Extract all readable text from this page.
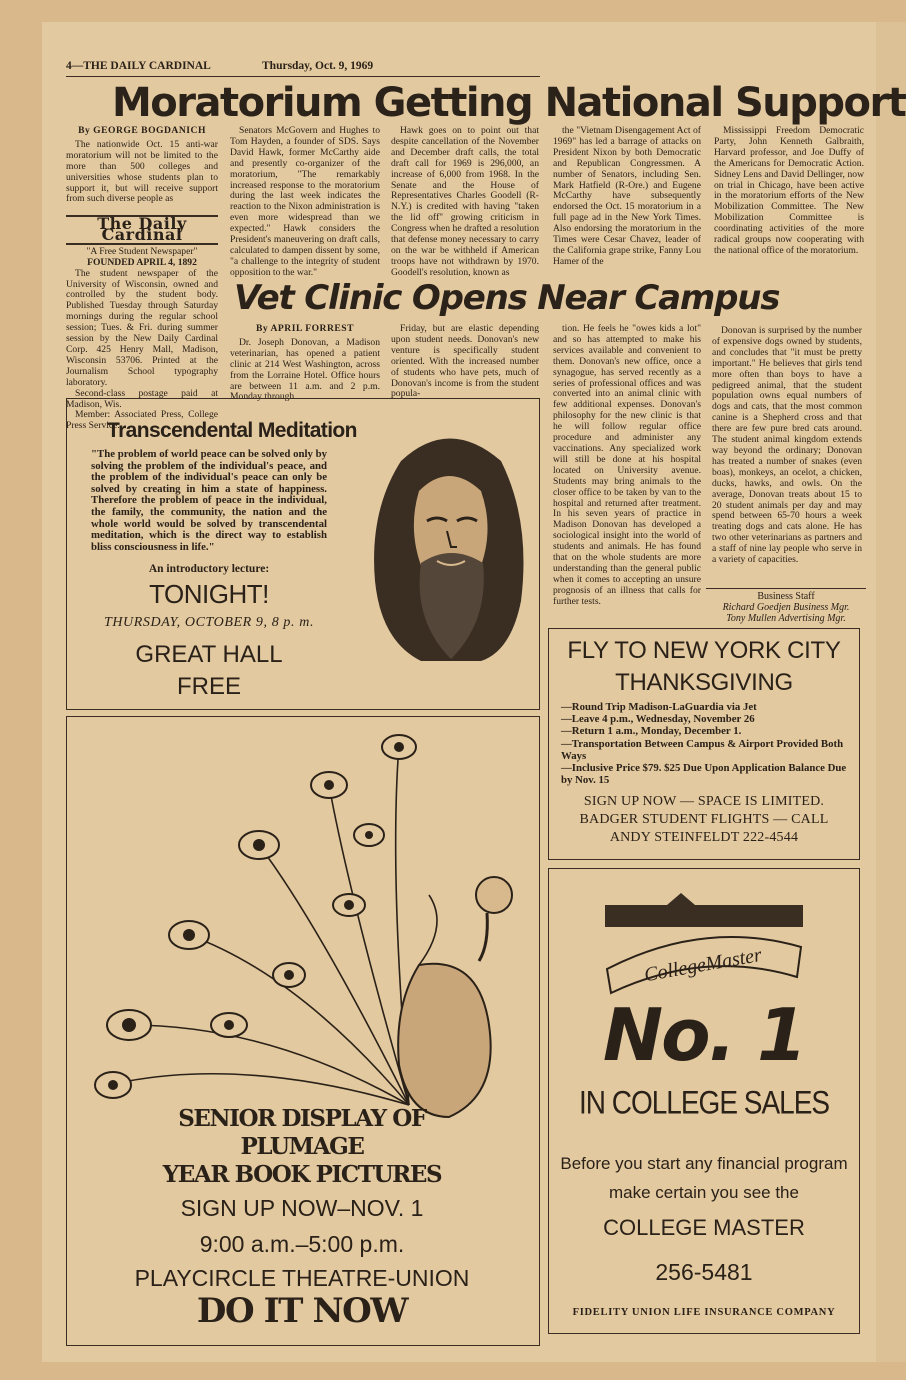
4—THE DAILY CARDINAL	Thursday, Oct. 9, 1969
Moratorium Getting National Support
By GEORGE BOGDANICH

The nationwide Oct. 15 anti-war moratorium will not be limited to the more than 500 colleges and universities whose students plan to support it, but will receive support from such diverse people as

The Daily Cardinal
"A Free Student Newspaper"
FOUNDED APRIL 4, 1892

The student newspaper of the University of Wisconsin, owned and controlled by the student body. Published Tuesday through Saturday mornings during the regular school session; Tues. & Fri. during summer session by the New Daily Cardinal Corp. 425 Henry Mall, Madison, Wisconsin 53706. Printed at the Journalism School typography laboratory.

Second-class postage paid at Madison, Wis.

Member: Associated Press, College Press Service.

Senators McGovern and Hughes to Tom Hayden, a founder of SDS. Says David Hawk, former McCarthy aide and presently co-organizer of the moratorium, "The remarkably increased response to the moratorium during the last week indicates the reaction to the Nixon administration is even more widespread than we expected." Hawk considers the President's maneuvering on draft calls, calculated to dampen dissent by some, "a challenge to the integrity of student opposition to the war."

Hawk goes on to point out that despite cancellation of the November and December draft calls, the total draft call for 1969 is 296,000, an increase of 6,000 from 1968. In the Senate and the House of Representatives Charles Goodell (R-N.Y.) is credited with having "taken the lid off" growing criticism in Congress when he drafted a resolution that defense money necessary to carry on the war be withheld if American troops have not withdrawn by 1970. Goodell's resolution, known as

the "Vietnam Disengagement Act of 1969" has led a barrage of attacks on President Nixon by both Democratic and Republican Congressmen. A number of Senators, including Sen. Mark Hatfield (R-Ore.) and Eugene McCarthy have subsequently endorsed the Oct. 15 moratorium in a full page ad in the New York Times. Also endorsing the moratorium in the Times were Cesar Chavez, leader of the California grape strike, Fanny Lou Hamer of the

Mississippi Freedom Democratic Party, John Kenneth Galbraith, Harvard professor, and Joe Duffy of the Americans for Democratic Action. Sidney Lens and David Dellinger, now on trial in Chicago, have been active in the moratorium efforts of the New Mobilization Committee. The New Mobilization Committee is coordinating activities of the more radical groups now cooperating with the national office of the moratorium.

Vet Clinic Opens Near Campus
By APRIL FORREST

Dr. Joseph Donovan, a Madison veterinarian, has opened a patient clinic at 214 West Washington, across from the Lorraine Hotel. Office hours are between 11 a.m. and 2 p.m. Monday through

Friday, but are elastic depending upon student needs. Donovan's new venture is specifically student oriented. With the increased number of students who have pets, much of Donovan's income is from the student popula-

tion. He feels he "owes kids a lot" and so has attempted to make his services available and convenient to them. Donovan's new office, once a synagogue, has served recently as a series of professional offices and was converted into an animal clinic with few additional expenses. Donovan's philosophy for the new clinic is that he will follow regular office procedure and administer any vaccinations. Any specialized work will still be done at his hospital located on University avenue. Students may bring animals to the closer office to be taken by van to the hospital and returned after treatment. In his seven years of practice in Madison Donovan has developed a sociological insight into the world of students and animals. He has found that on the whole students are more understanding than the general public when it comes to accepting an unsure prognosis of an illness that calls for further tests.

Donovan is surprised by the number of expensive dogs owned by students, and concludes that "it must be pretty important." He believes that girls tend more often than boys to have a pedigreed animal, that the student population owns equal numbers of dogs and cats, that the most common canine is a Shepherd cross and that there are few pure bred cats around. The student animal kingdom extends way beyond the ordinary; Donovan has treated a number of snakes (even boas), monkeys, an ocelot, a chicken, ducks, hawks, and owls. On the average, Donovan treats about 15 to 20 student animals per day and may spend between 65-70 hours a week treating dogs and cats alone. He has two other veterinarians as partners and a staff of nine lay people who serve in a variety of capacities.

Business Staff
Richard Goedjen Business Mgr.
Tony Mullen Advertising Mgr.
Transcendental Meditation
"The problem of world peace can be solved only by solving the problem of the individual's peace, and the problem of the individual's peace can only be solved by creating in him a state of happiness. Therefore the problem of peace in the individual, the family, the community, the nation and the whole world would be solved by transcendental meditation, which is the direct way to establish bliss consciousness in life."
An introductory lecture:
TONIGHT!
THURSDAY, OCTOBER 9, 8 p. m.
GREAT HALL
FREE
SENIOR DISPLAY OF
PLUMAGE
YEAR BOOK PICTURES
SIGN UP NOW–NOV. 1
9:00 a.m.–5:00 p.m.
PLAYCIRCLE THEATRE-UNION
DO IT NOW
FLY TO NEW YORK CITY
THANKSGIVING
—Round Trip Madison-LaGuardia via Jet
—Leave 4 p.m., Wednesday, November 26
—Return 1 a.m., Monday, December 1.
—Transportation Between Campus & Airport Provided Both Ways
—Inclusive Price $79. $25 Due Upon Application Balance Due by Nov. 15
SIGN UP NOW — SPACE IS LIMITED.
BADGER STUDENT FLIGHTS — CALL
ANDY STEINFELDT 222-4544
CollegeMaster
No. 1
IN COLLEGE SALES
Before you start any financial program make certain you see the
COLLEGE MASTER
256-5481
FIDELITY UNION LIFE INSURANCE COMPANY
